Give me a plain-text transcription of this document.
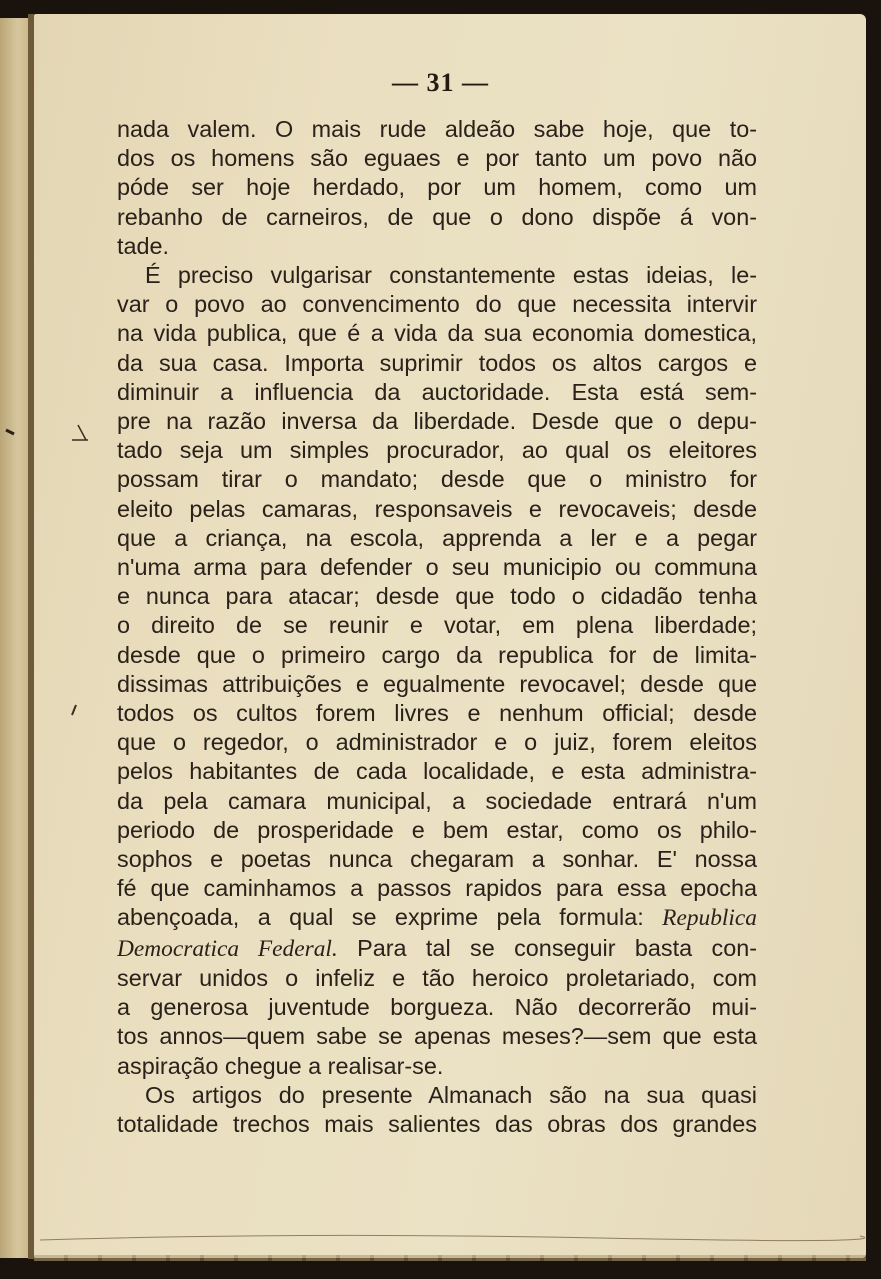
— 31 —
nada valem. O mais rude aldeão sabe hoje, que to-
dos os homens são eguaes e por tanto um povo não
póde ser hoje herdado, por um homem, como um
rebanho de carneiros, de que o dono dispõe á von-
tade.
É preciso vulgarisar constantemente estas ideias, le-
var o povo ao convencimento do que necessita intervir
na vida publica, que é a vida da sua economia domestica,
da sua casa. Importa suprimir todos os altos cargos e
diminuir a influencia da auctoridade. Esta está sem-
pre na razão inversa da liberdade. Desde que o depu-
tado seja um simples procurador, ao qual os eleitores
possam tirar o mandato; desde que o ministro for
eleito pelas camaras, responsaveis e revocaveis; desde
que a criança, na escola, apprenda a ler e a pegar
n'uma arma para defender o seu municipio ou communa
e nunca para atacar; desde que todo o cidadão tenha
o direito de se reunir e votar, em plena liberdade;
desde que o primeiro cargo da republica for de limita-
dissimas attribuições e egualmente revocavel; desde que
todos os cultos forem livres e nenhum official; desde
que o regedor, o administrador e o juiz, forem eleitos
pelos habitantes de cada localidade, e esta administra-
da pela camara municipal, a sociedade entrará n'um
periodo de prosperidade e bem estar, como os philo-
sophos e poetas nunca chegaram a sonhar. E' nossa
fé que caminhamos a passos rapidos para essa epocha
abençoada, a qual se exprime pela formula: Republica
Democratica Federal. Para tal se conseguir basta con-
servar unidos o infeliz e tão heroico proletariado, com
a generosa juventude borgueza. Não decorrerão mui-
tos annos—quem sabe se apenas meses?—sem que esta
aspiração chegue a realisar-se.
Os artigos do presente Almanach são na sua quasi
totalidade trechos mais salientes das obras dos grandes
